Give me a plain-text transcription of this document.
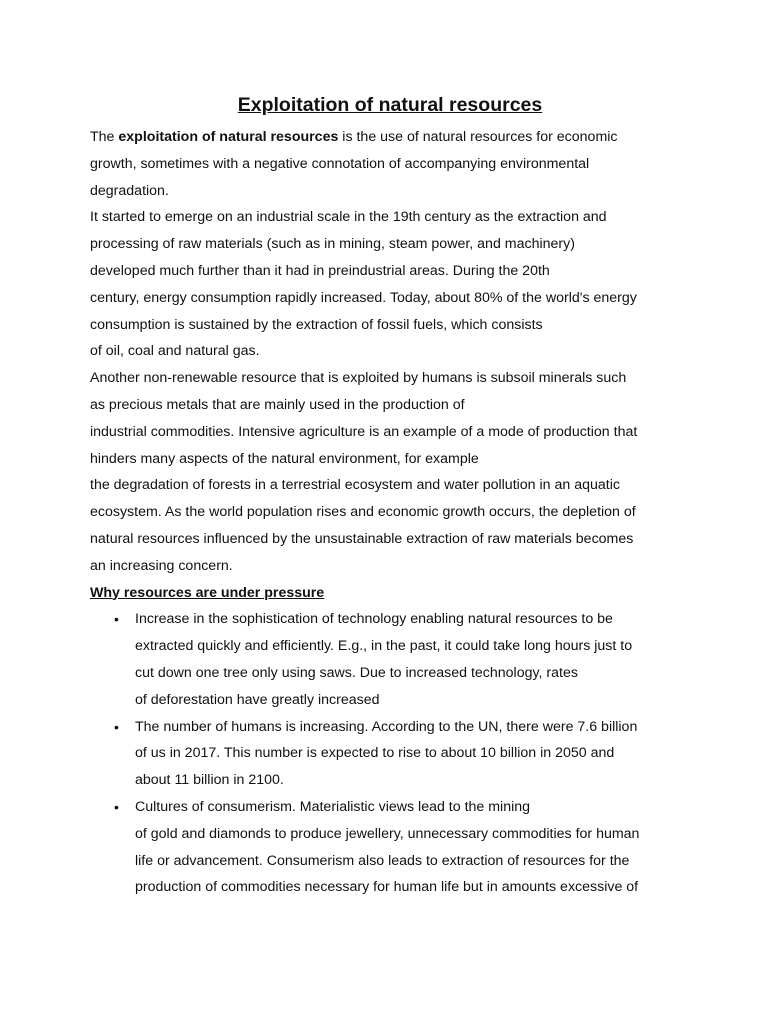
Exploitation of natural resources
The exploitation of natural resources is the use of natural resources for economic
growth, sometimes with a negative connotation of accompanying environmental
degradation.
It started to emerge on an industrial scale in the 19th century as the extraction and
processing of raw materials (such as in mining, steam power, and machinery)
developed much further than it had in preindustrial areas. During the 20th
century, energy consumption rapidly increased. Today, about 80% of the world's energy
consumption is sustained by the extraction of fossil fuels, which consists
of oil, coal and natural gas.
Another non-renewable resource that is exploited by humans is subsoil minerals such
as precious metals that are mainly used in the production of
industrial commodities. Intensive agriculture is an example of a mode of production that
hinders many aspects of the natural environment, for example
the degradation of forests in a terrestrial ecosystem and water pollution in an aquatic
ecosystem. As the world population rises and economic growth occurs, the depletion of
natural resources influenced by the unsustainable extraction of raw materials becomes
an increasing concern.
Why resources are under pressure
• Increase in the sophistication of technology enabling natural resources to be
extracted quickly and efficiently. E.g., in the past, it could take long hours just to
cut down one tree only using saws. Due to increased technology, rates
of deforestation have greatly increased
• The number of humans is increasing. According to the UN, there were 7.6 billion
of us in 2017. This number is expected to rise to about 10 billion in 2050 and
about 11 billion in 2100.
• Cultures of consumerism. Materialistic views lead to the mining
of gold and diamonds to produce jewellery, unnecessary commodities for human
life or advancement. Consumerism also leads to extraction of resources for the
production of commodities necessary for human life but in amounts excessive of
